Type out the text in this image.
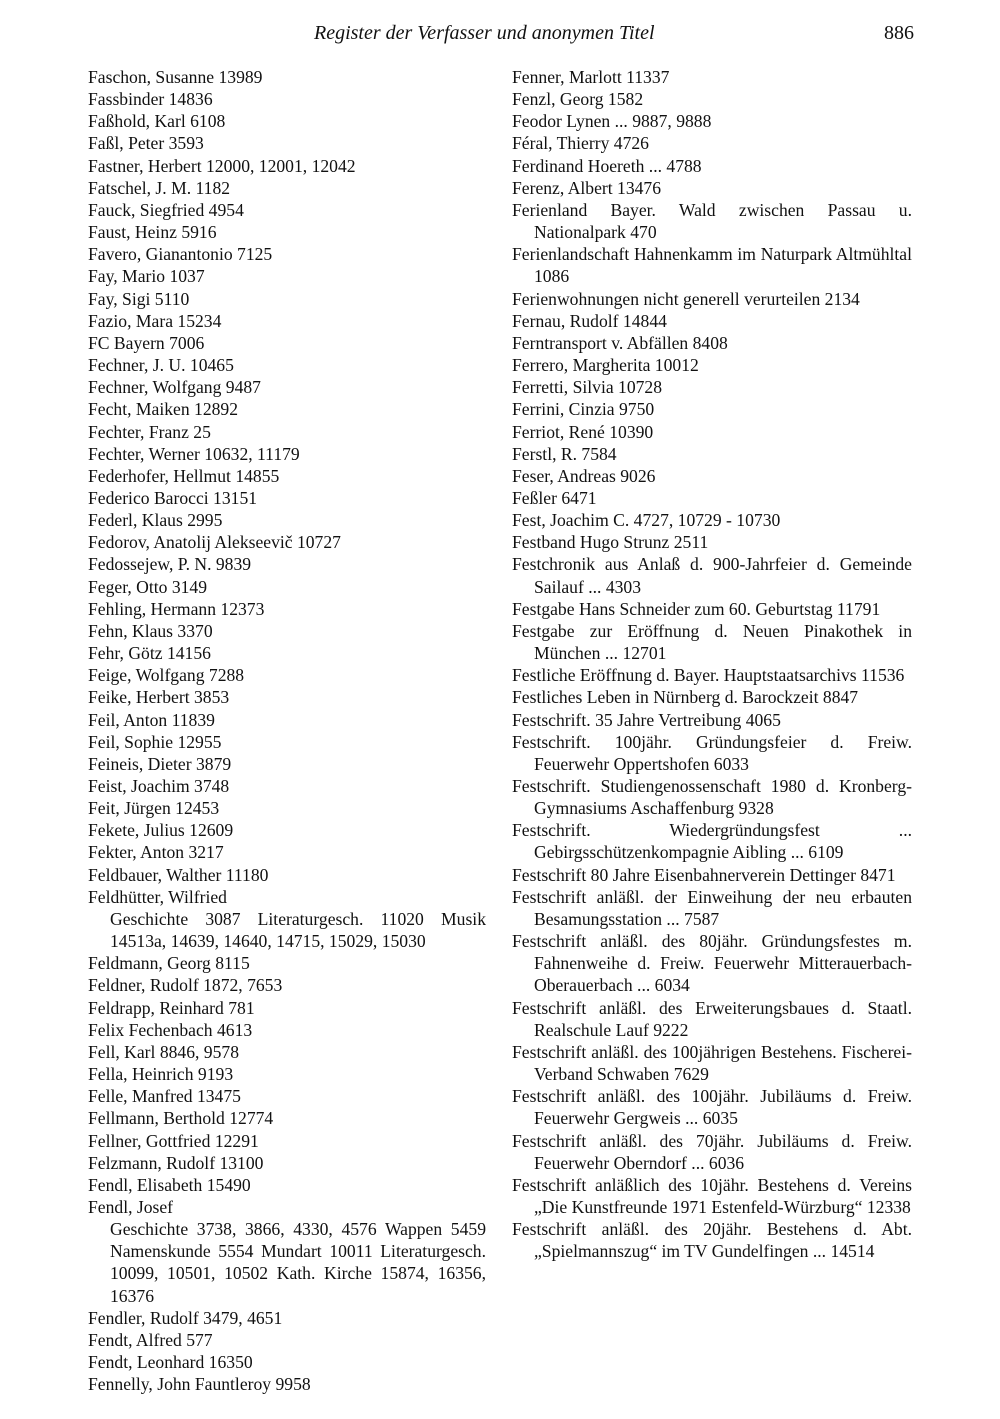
Register der Verfasser und anonymen Titel	886
Faschon, Susanne 13989
Fassbinder 14836
Faßhold, Karl 6108
Faßl, Peter 3593
Fastner, Herbert 12000, 12001, 12042
Fatschel, J. M. 1182
Fauck, Siegfried 4954
Faust, Heinz 5916
Favero, Gianantonio 7125
Fay, Mario 1037
Fay, Sigi 5110
Fazio, Mara 15234
FC Bayern 7006
Fechner, J. U. 10465
Fechner, Wolfgang 9487
Fecht, Maiken 12892
Fechter, Franz 25
Fechter, Werner 10632, 11179
Federhofer, Hellmut 14855
Federico Barocci 13151
Federl, Klaus 2995
Fedorov, Anatolij Alekseevič 10727
Fedossejew, P. N. 9839
Feger, Otto 3149
Fehling, Hermann 12373
Fehn, Klaus 3370
Fehr, Götz 14156
Feige, Wolfgang 7288
Feike, Herbert 3853
Feil, Anton 11839
Feil, Sophie 12955
Feineis, Dieter 3879
Feist, Joachim 3748
Feit, Jürgen 12453
Fekete, Julius 12609
Fekter, Anton 3217
Feldbauer, Walther 11180
Feldhütter, Wilfried
Geschichte 3087 Literaturgesch. 11020 Musik 14513a, 14639, 14640, 14715, 15029, 15030
Feldmann, Georg 8115
Feldner, Rudolf 1872, 7653
Feldrapp, Reinhard 781
Felix Fechenbach 4613
Fell, Karl 8846, 9578
Fella, Heinrich 9193
Felle, Manfred 13475
Fellmann, Berthold 12774
Fellner, Gottfried 12291
Felzmann, Rudolf 13100
Fendl, Elisabeth 15490
Fendl, Josef
Geschichte 3738, 3866, 4330, 4576 Wappen 5459 Namenskunde 5554 Mundart 10011 Literaturgesch. 10099, 10501, 10502 Kath. Kirche 15874, 16356, 16376
Fendler, Rudolf 3479, 4651
Fendt, Alfred 577
Fendt, Leonhard 16350
Fennelly, John Fauntleroy 9958
Fenner, Marlott 11337
Fenzl, Georg 1582
Feodor Lynen ... 9887, 9888
Féral, Thierry 4726
Ferdinand Hoereth ... 4788
Ferenz, Albert 13476
Ferienland Bayer. Wald zwischen Passau u. Nationalpark 470
Ferienlandschaft Hahnenkamm im Naturpark Altmühltal 1086
Ferienwohnungen nicht generell verurteilen 2134
Fernau, Rudolf 14844
Ferntransport v. Abfällen 8408
Ferrero, Margherita 10012
Ferretti, Silvia 10728
Ferrini, Cinzia 9750
Ferriot, René 10390
Ferstl, R. 7584
Feser, Andreas 9026
Feßler 6471
Fest, Joachim C. 4727, 10729 - 10730
Festband Hugo Strunz 2511
Festchronik aus Anlaß d. 900-Jahrfeier d. Gemeinde Sailauf ... 4303
Festgabe Hans Schneider zum 60. Geburtstag 11791
Festgabe zur Eröffnung d. Neuen Pinakothek in München ... 12701
Festliche Eröffnung d. Bayer. Hauptstaatsarchivs 11536
Festliches Leben in Nürnberg d. Barockzeit 8847
Festschrift. 35 Jahre Vertreibung 4065
Festschrift. 100jähr. Gründungsfeier d. Freiw. Feuerwehr Oppertshofen 6033
Festschrift. Studiengenossenschaft 1980 d. Kronberg-Gymnasiums Aschaffenburg 9328
Festschrift. Wiedergründungsfest ... Gebirgsschützenkompagnie Aibling ... 6109
Festschrift 80 Jahre Eisenbahnerverein Dettinger 8471
Festschrift anläßl. der Einweihung der neu erbauten Besamungsstation ... 7587
Festschrift anläßl. des 80jähr. Gründungsfestes m. Fahnenweihe d. Freiw. Feuerwehr Mitterauerbach-Oberauerbach ... 6034
Festschrift anläßl. des Erweiterungsbaues d. Staatl. Realschule Lauf 9222
Festschrift anläßl. des 100jährigen Bestehens. Fischerei-Verband Schwaben 7629
Festschrift anläßl. des 100jähr. Jubiläums d. Freiw. Feuerwehr Gergweis ... 6035
Festschrift anläßl. des 70jähr. Jubiläums d. Freiw. Feuerwehr Oberndorf ... 6036
Festschrift anläßlich des 10jähr. Bestehens d. Vereins „Die Kunstfreunde 1971 Estenfeld-Würzburg“ 12338
Festschrift anläßl. des 20jähr. Bestehens d. Abt. „Spielmannszug“ im TV Gundelfingen ... 14514
